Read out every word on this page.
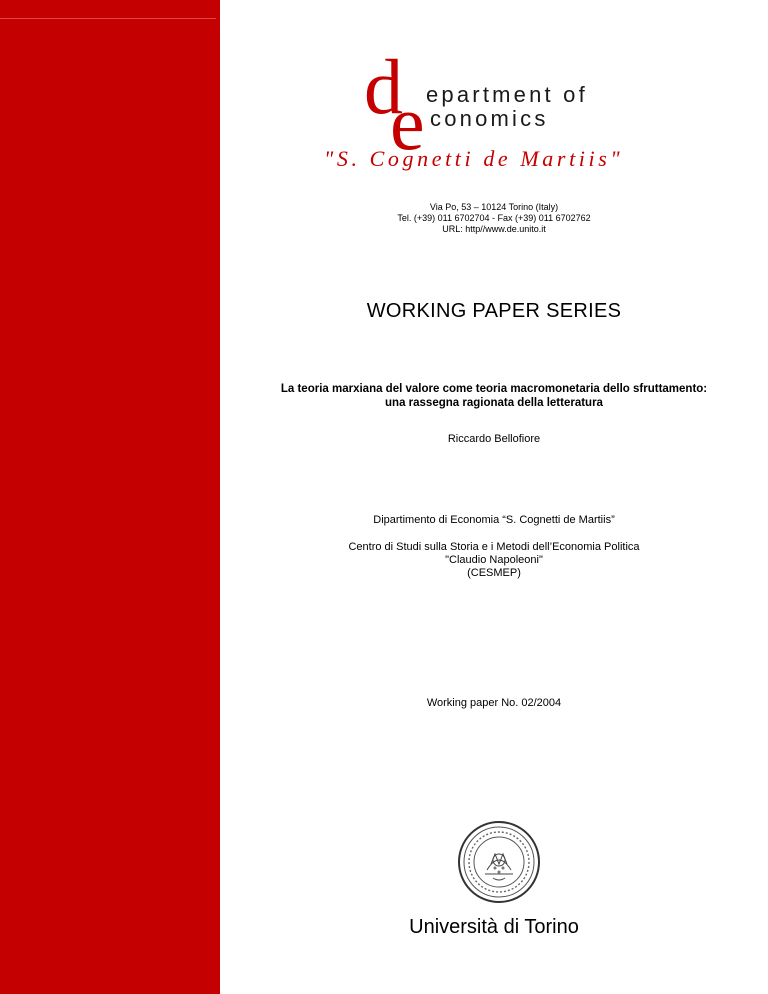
d
e epartment of
conomics
"S. Cognetti de Martiis"
Via Po, 53 – 10124 Torino (Italy)
Tel. (+39) 011 6702704 - Fax (+39) 011 6702762
URL: http//www.de.unito.it
WORKING PAPER SERIES
La teoria marxiana del valore come teoria macromonetaria dello sfruttamento:
una rassegna ragionata della letteratura
Riccardo Bellofiore
Dipartimento di Economia “S. Cognetti de Martiis”
Centro di Studi sulla Storia e i Metodi dell’Economia Politica
"Claudio Napoleoni"
(CESMEP)
Working paper No. 02/2004
Università di Torino
